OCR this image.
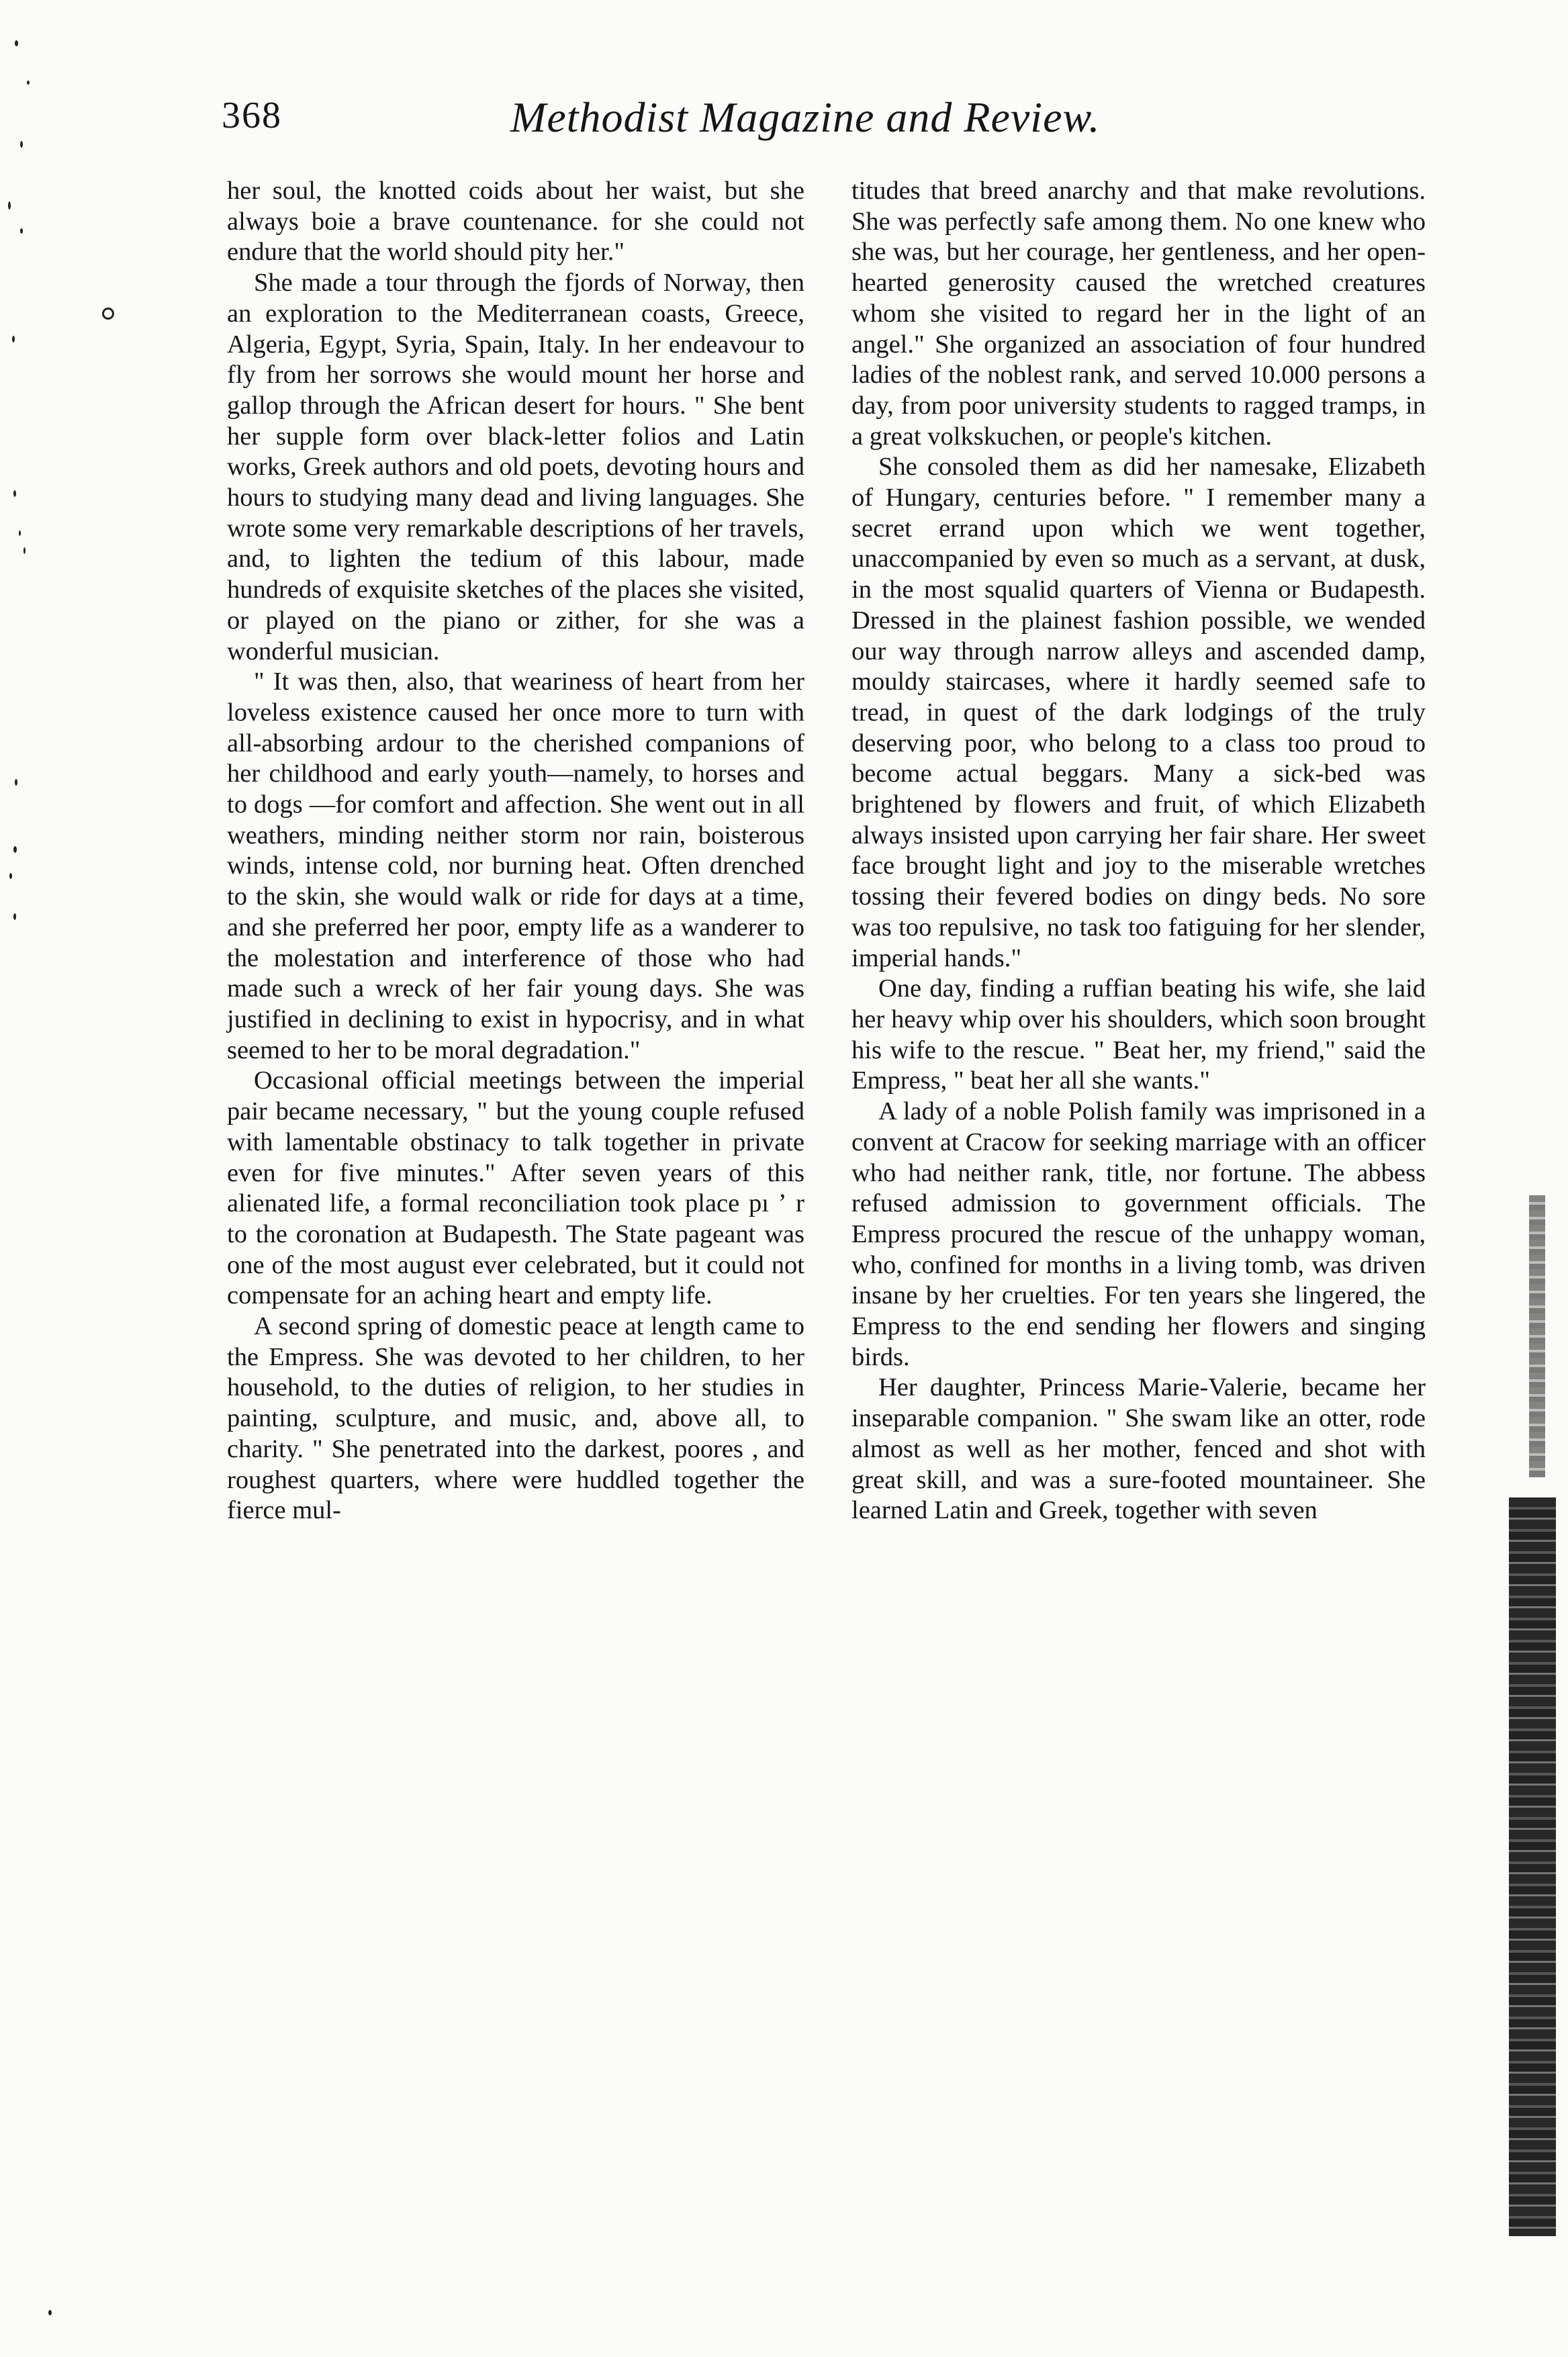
368	Methodist Magazine and Review.

her soul, the knotted coids about her waist, but she always boie a brave countenance. for she could not endure that the world should pity her."

She made a tour through the fjords of Norway, then an exploration to the Mediterranean coasts, Greece, Algeria, Egypt, Syria, Spain, Italy. In her endeavour to fly from her sorrows she would mount her horse and gallop through the African desert for hours. " She bent her supple form over black-letter folios and Latin works, Greek authors and old poets, devoting hours and hours to studying many dead and living languages. She wrote some very remarkable descriptions of her travels, and, to lighten the tedium of this labour, made hundreds of exquisite sketches of the places she visited, or played on the piano or zither, for she was a wonderful musician.

" It was then, also, that weariness of heart from her loveless existence caused her once more to turn with all-absorbing ardour to the cherished companions of her childhood and early youth—namely, to horses and to dogs —for comfort and affection. She went out in all weathers, minding neither storm nor rain, boisterous winds, intense cold, nor burning heat. Often drenched to the skin, she would walk or ride for days at a time, and she preferred her poor, empty life as a wanderer to the molestation and interference of those who had made such a wreck of her fair young days. She was justified in declining to exist in hypocrisy, and in what seemed to her to be moral degradation."

Occasional official meetings between the imperial pair became necessary, " but the young couple refused with lamentable obstinacy to talk together in private even for five minutes." After seven years of this alienated life, a formal reconciliation took place pı ʼ r to the coronation at Budapesth. The State pageant was one of the most august ever celebrated, but it could not compensate for an aching heart and empty life.

A second spring of domestic peace at length came to the Empress. She was devoted to her children, to her household, to the duties of religion, to her studies in painting, sculpture, and music, and, above all, to charity. " She penetrated into the darkest, poores , and roughest quarters, where were huddled together the fierce mul-

titudes that breed anarchy and that make revolutions. She was perfectly safe among them. No one knew who she was, but her courage, her gentleness, and her open-hearted generosity caused the wretched creatures whom she visited to regard her in the light of an angel." She organized an association of four hundred ladies of the noblest rank, and served 10.000 persons a day, from poor university students to ragged tramps, in a great volkskuchen, or people's kitchen.

She consoled them as did her namesake, Elizabeth of Hungary, centuries before. " I remember many a secret errand upon which we went together, unaccompanied by even so much as a servant, at dusk, in the most squalid quarters of Vienna or Budapesth. Dressed in the plainest fashion possible, we wended our way through narrow alleys and ascended damp, mouldy staircases, where it hardly seemed safe to tread, in quest of the dark lodgings of the truly deserving poor, who belong to a class too proud to become actual beggars. Many a sick-bed was brightened by flowers and fruit, of which Elizabeth always insisted upon carrying her fair share. Her sweet face brought light and joy to the miserable wretches tossing their fevered bodies on dingy beds. No sore was too repulsive, no task too fatiguing for her slender, imperial hands."

One day, finding a ruffian beating his wife, she laid her heavy whip over his shoulders, which soon brought his wife to the rescue. " Beat her, my friend," said the Empress, " beat her all she wants."

A lady of a noble Polish family was imprisoned in a convent at Cracow for seeking marriage with an officer who had neither rank, title, nor fortune. The abbess refused admission to government officials. The Empress procured the rescue of the unhappy woman, who, confined for months in a living tomb, was driven insane by her cruelties. For ten years she lingered, the Empress to the end sending her flowers and singing birds.

Her daughter, Princess Marie-Valerie, became her inseparable companion. " She swam like an otter, rode almost as well as her mother, fenced and shot with great skill, and was a sure-footed mountaineer. She learned Latin and Greek, together with seven
